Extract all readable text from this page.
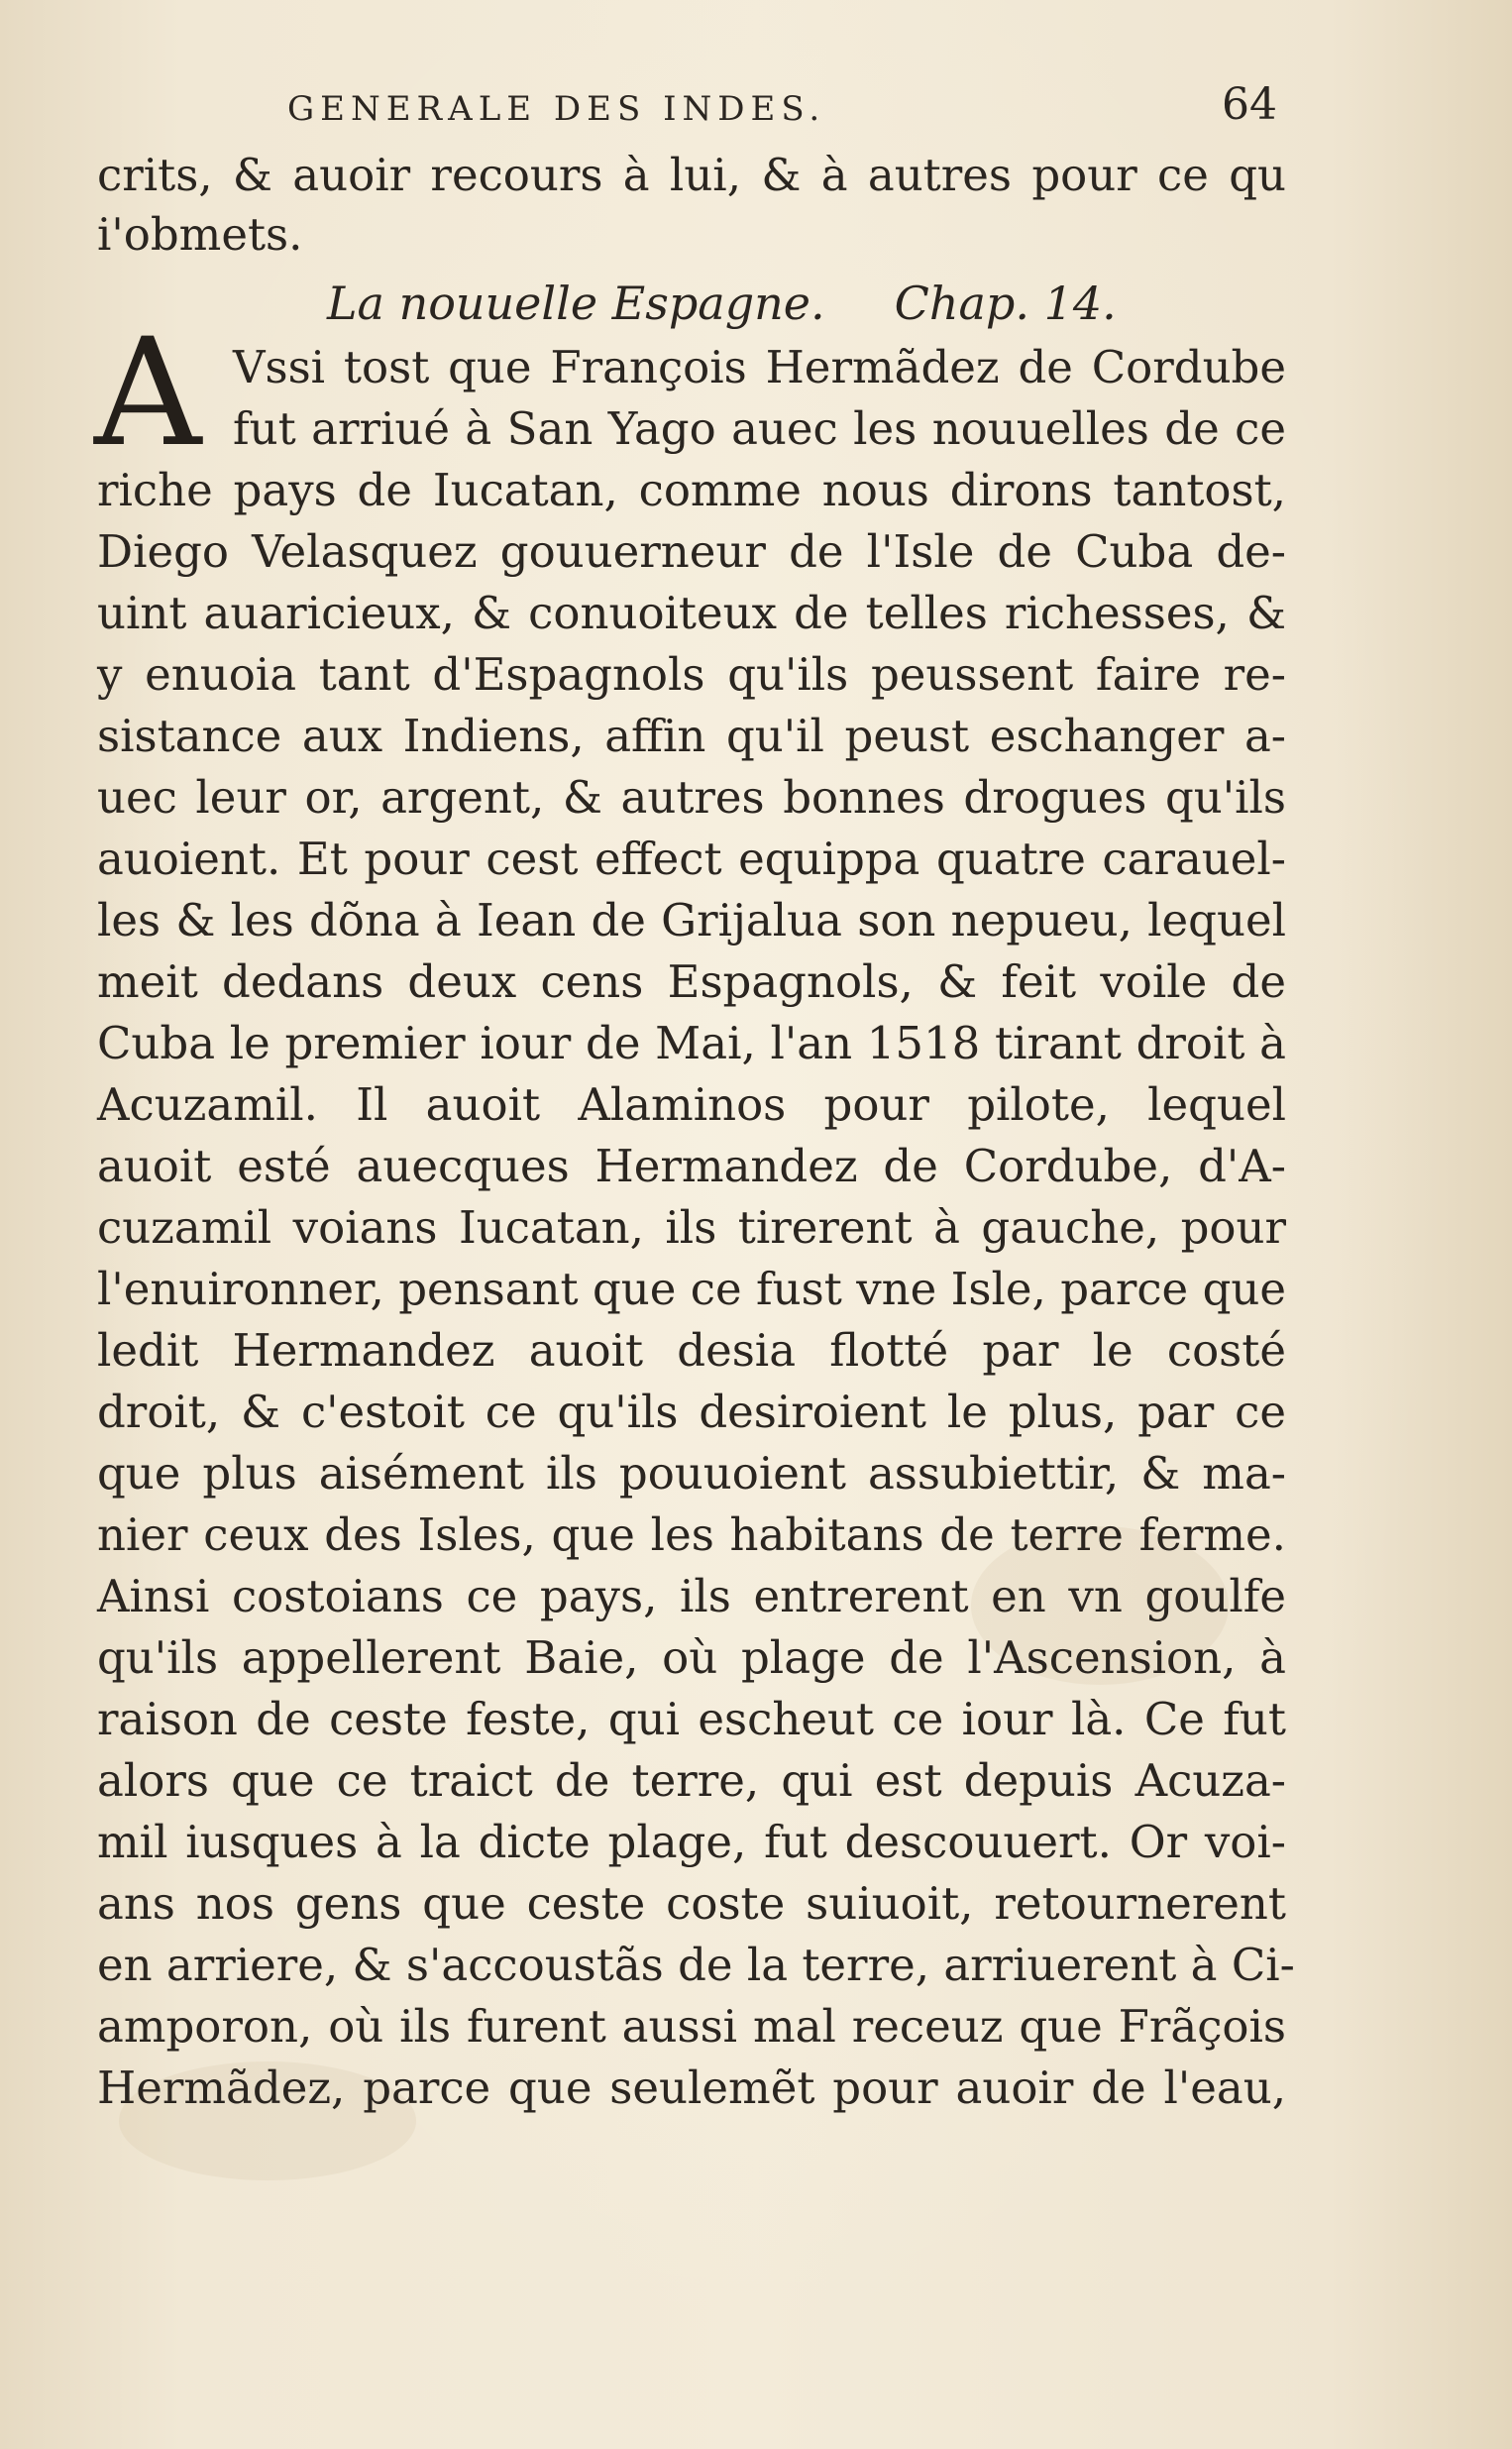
GENERALE DES INDES.	64
crits, & auoir recours à lui, & à autres pour ce qu
i'obmets.
La nouuelle Espagne. Chap. 14.
A Vssi tost que François Hermãdez de Cordube
fut arriué à San Yago auec les nouuelles de ce
riche pays de Iucatan, comme nous dirons tantost,
Diego Velasquez gouuerneur de l'Isle de Cuba de-
uint auaricieux, & conuoiteux de telles richesses, &
y enuoia tant d'Espagnols qu'ils peussent faire re-
sistance aux Indiens, affin qu'il peust eschanger a-
uec leur or, argent, & autres bonnes drogues qu'ils
auoient. Et pour cest effect equippa quatre carauel-
les & les dõna à Iean de Grijalua son nepueu, lequel
meit dedans deux cens Espagnols, & feit voile de
Cuba le premier iour de Mai, l'an 1518 tirant droit à
Acuzamil. Il auoit Alaminos pour pilote, lequel
auoit esté auecques Hermandez de Cordube, d'A-
cuzamil voians Iucatan, ils tirerent à gauche, pour
l'enuironner, pensant que ce fust vne Isle, parce que
ledit Hermandez auoit desia flotté par le costé
droit, & c'estoit ce qu'ils desiroient le plus, par ce
que plus aisément ils pouuoient assubiettir, & ma-
nier ceux des Isles, que les habitans de terre ferme.
Ainsi costoians ce pays, ils entrerent en vn goulfe
qu'ils appellerent Baie, où plage de l'Ascension, à
raison de ceste feste, qui escheut ce iour là. Ce fut
alors que ce traict de terre, qui est depuis Acuza-
mil iusques à la dicte plage, fut descouuert. Or voi-
ans nos gens que ceste coste suiuoit, retournerent
en arriere, & s'accoustãs de la terre, arriuerent à Ci-
amporon, où ils furent aussi mal receuz que Frãçois
Hermãdez, parce que seulemẽt pour auoir de l'eau,
